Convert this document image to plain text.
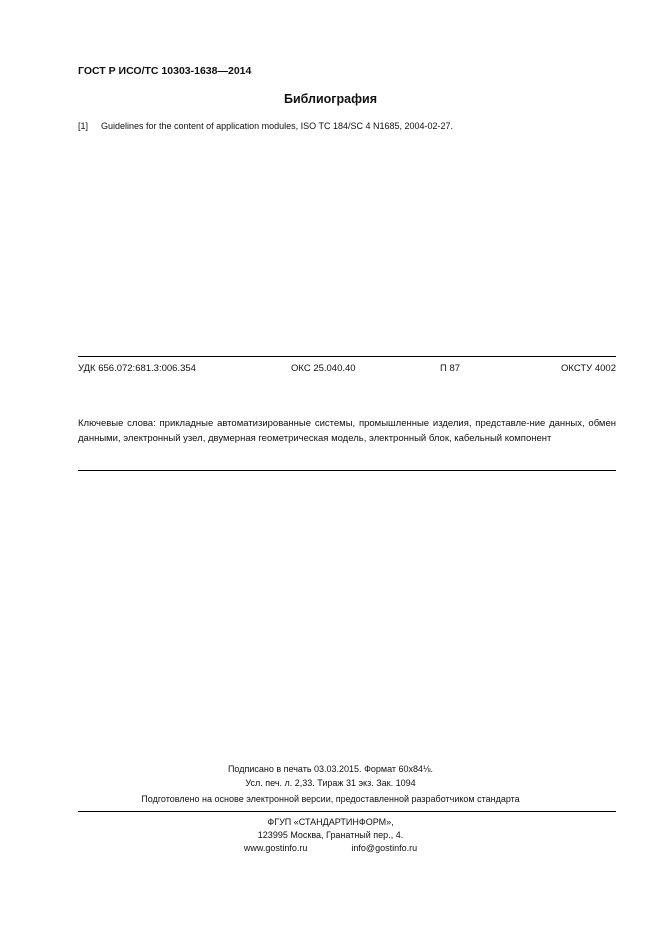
ГОСТ Р ИСО/ТС 10303-1638—2014
Библиография
[1] Guidelines for the content of application modules, ISO TC 184/SC 4 N1685, 2004-02-27.
УДК 656.072:681.3:006.354	ОКС 25.040.40	П 87	ОКСТУ 4002
Ключевые слова: прикладные автоматизированные системы, промышленные изделия, представле-ние данных, обмен данными, электронный узел, двумерная геометрическая модель, электронный блок, кабельный компонент
Подписано в печать 03.03.2015. Формат 60x84⅛.
Усл. печ. л. 2,33. Тираж 31 экз. Зак. 1094
Подготовлено на основе электронной версии, предоставленной разработчиком стандарта
ФГУП «СТАНДАРТИНФОРМ»,
123995 Москва, Гранатный пер., 4.
www.gostinfo.ru	info@gostinfo.ru
